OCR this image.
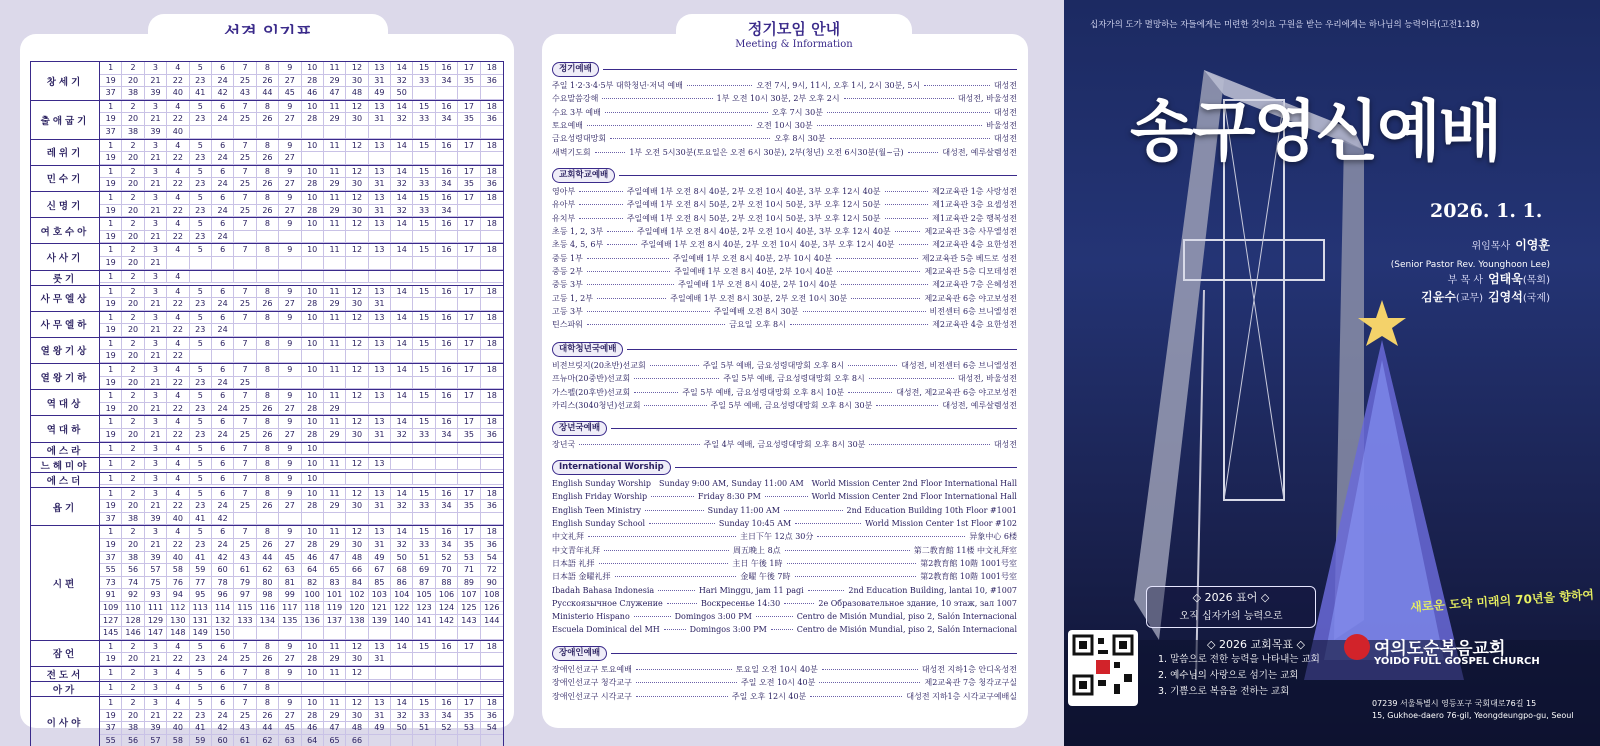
창세기
1	2	3	4	5	6	7	8	9	10	11	12	13	14	15	16	17	18
19	20	21	22	23	24	25	26	27	28	29	30	31	32	33	34	35	36
37	38	39	40	41	42	43	44	45	46	47	48	49	50
출애굽기
1	2	3	4	5	6	7	8	9	10	11	12	13	14	15	16	17	18
19	20	21	22	23	24	25	26	27	28	29	30	31	32	33	34	35	36
37	38	39	40
레위기
1	2	3	4	5	6	7	8	9	10	11	12	13	14	15	16	17	18
19	20	21	22	23	24	25	26	27
민수기
1	2	3	4	5	6	7	8	9	10	11	12	13	14	15	16	17	18
19	20	21	22	23	24	25	26	27	28	29	30	31	32	33	34	35	36
신명기
1	2	3	4	5	6	7	8	9	10	11	12	13	14	15	16	17	18
19	20	21	22	23	24	25	26	27	28	29	30	31	32	33	34
여호수아
1	2	3	4	5	6	7	8	9	10	11	12	13	14	15	16	17	18
19	20	21	22	23	24
사사기
1	2	3	4	5	6	7	8	9	10	11	12	13	14	15	16	17	18
19	20	21
룻기	1	2	3	4
사무엘상
1	2	3	4	5	6	7	8	9	10	11	12	13	14	15	16	17	18
19	20	21	22	23	24	25	26	27	28	29	30	31
사무엘하
1	2	3	4	5	6	7	8	9	10	11	12	13	14	15	16	17	18
19	20	21	22	23	24
열왕기상
1	2	3	4	5	6	7	8	9	10	11	12	13	14	15	16	17	18
19	20	21	22
열왕기하
1	2	3	4	5	6	7	8	9	10	11	12	13	14	15	16	17	18
19	20	21	22	23	24	25
역대상
1	2	3	4	5	6	7	8	9	10	11	12	13	14	15	16	17	18
19	20	21	22	23	24	25	26	27	28	29
역대하
1	2	3	4	5	6	7	8	9	10	11	12	13	14	15	16	17	18
19	20	21	22	23	24	25	26	27	28	29	30	31	32	33	34	35	36
에스라	1	2	3	4	5	6	7	8	9	10
느헤미야	1	2	3	4	5	6	7	8	9	10	11	12	13
에스더	1	2	3	4	5	6	7	8	9	10
욥기
1	2	3	4	5	6	7	8	9	10	11	12	13	14	15	16	17	18
19	20	21	22	23	24	25	26	27	28	29	30	31	32	33	34	35	36
37	38	39	40	41	42
시편
1	2	3	4	5	6	7	8	9	10	11	12	13	14	15	16	17	18
19	20	21	22	23	24	25	26	27	28	29	30	31	32	33	34	35	36
37	38	39	40	41	42	43	44	45	46	47	48	49	50	51	52	53	54
55	56	57	58	59	60	61	62	63	64	65	66	67	68	69	70	71	72
73	74	75	76	77	78	79	80	81	82	83	84	85	86	87	88	89	90
91	92	93	94	95	96	97	98	99	100 101 102 103 104 105 106 107 108
109 110 111 112 113 114 115 116 117 118 119 120 121 122 123 124 125 126
127 128 129 130 131 132 133 134 135 136 137 138 139 140 141 142 143 144
145 146 147 148 149 150
잠언
1	2	3	4	5	6	7	8	9	10	11	12	13	14	15	16	17	18
19	20	21	22	23	24	25	26	27	28	29	30	31
전도서	1	2	3	4	5	6	7	8	9	10	11	12
아가	1	2	3	4	5	6	7	8
이사야
1	2	3	4	5	6	7	8	9	10	11	12	13	14	15	16	17	18
19	20	21	22	23	24	25	26	27	28	29	30	31	32	33	34	35	36
37	38	39	40	41	42	43	44	45	46	47	48	49	50	51	52	53	54
55	56	57	58	59	60	61	62	63	64	65	66
정기모임 안내
Meeting & Information
정기예배
주일 1·2·3·4·5부 대학청년·저녁 예배	오전 7시, 9시, 11시, 오후 1시, 2시 30분, 5시	대성전
수요말씀강해	1부 오전 10시 30분, 2부 오후 2시	대성전, 바울성전
수요 3부 예배	오후 7시 30분	대성전
토요예배	오전 10시 30분	바울성전
금요성령대망회	오후 8시 30분	대성전
새벽기도회	1부 오전 5시30분(토요일은 오전 6시 30분), 2부(청년) 오전 6시30분(월~금)	대성전, 예루살렘성전
교회학교예배
영아부	주일예배 1부 오전 8시 40분, 2부 오전 10시 40분, 3부 오후 12시 40분	제2교육관 1층 사랑성전
유아부	주일예배 1부 오전 8시 50분, 2부 오전 10시 50분, 3부 오후 12시 50분	제1교육관 3층 요셉성전
유치부	주일예배 1부 오전 8시 50분, 2부 오전 10시 50분, 3부 오후 12시 50분	제1교육관 2층 행복성전
초등 1, 2, 3부	주일예배 1부 오전 8시 40분, 2부 오전 10시 40분, 3부 오후 12시 40분	제2교육관 3층 사무엘성전
초등 4, 5, 6부	주일예배 1부 오전 8시 40분, 2부 오전 10시 40분, 3부 오후 12시 40분	제2교육관 4층 요한성전
중등 1부	주일예배 1부 오전 8시 40분, 2부 10시 40분	제2교육관 5층 베드로 성전
중등 2부	주일예배 1부 오전 8시 40분, 2부 10시 40분	제2교육관 5층 디모데성전
중등 3부	주일예배 1부 오전 8시 40분, 2부 10시 40분	제2교육관 7층 은혜성전
고등 1, 2부	주일예배 1부 오전 8시 30분, 2부 오전 10시 30분	제2교육관 6층 야고보성전
고등 3부	주일예배 오전 8시 30분	비전센터 6층 브니엘성전
틴스파워	금요일 오후 8시	제2교육관 4층 요한성전
대학청년국예배
비전브릿지(20초반)선교회	주일 5부 예배, 금요성령대망회 오후 8시	대성전, 비전센터 6층 브니엘성전
프뉴마(20중반)선교회	주일 5부 예배, 금요성령대망회 오후 8시	대성전, 바울성전
가스펠(20후반)선교회	주일 5부 예배, 금요성령대망회 오후 8시 10분	대성전, 제2교육관 6층 야고보성전
카리스(3040청년)선교회	주일 5부 예배, 금요성령대망회 오후 8시 30분	대성전, 예루살렘성전
장년국예배
장년국	주일 4부 예배, 금요성령대망회 오후 8시 30분	대성전
International Worship
English Sunday Worship Sunday 9:00 AM, Sunday 11:00 AM World Mission Center 2nd Floor International Hall
English Friday Worship	Friday 8:30 PM	World Mission Center 2nd Floor International Hall
English Teen Ministry	Sunday 11:00 AM	2nd Education Building 10th Floor #1001
English Sunday School	Sunday 10:45 AM	World Mission Center 1st Floor #102
中文礼拜	主日下午 12点 30分	异象中心 6楼
中文青年礼拜	周五晚上 8点	第二教育館 11楼 中文礼拜室
日本語 礼拝	主日 午後 1時	第2教育館 10階 1001号室
日本語 金曜礼拝	金曜 午後 7時	第2教育館 10階 1001号室
Ibadah Bahasa Indonesia	Hari Minggu, jam 11 pagi	2nd Education Building, lantai 10, #1007
Русскоязычное Служение	Воскресенье 14:30	2е Образовательное здание, 10 этаж, зал 1007
Ministerio Hispano	Domingos 3:00 PM	Centro de Misión Mundial, piso 2, Salón Internacional
Escuela Dominical del MH	Domingos 3:00 PM	Centro de Misión Mundial, piso 2, Salón Internacional
장애인예배
장애인선교구 토요예배	토요일 오전 10시 40분	대성전 지하1층 안디옥성전
장애인선교구 청각교구	주일 오전 10시 40분	제2교육관 7층 청각교구실
장애인선교구 시각교구	주일 오후 12시 40분	대성전 지하1층 시각교구예배실
십자가의 도가 멸망하는 자들에게는 미련한 것이요 구원을 받는 우리에게는 하나님의 능력이라(고전1:18)
송구영신예배
2026. 1. 1.
위임목사 이영훈
(Senior Pastor Rev. Younghoon Lee)
부 목 사 엄태욱(목회)
김윤수(교무) 김영석(국제)
새로운 도약 미래의 70년을 향하여
◇ 2026 표어 ◇
오직 십자가의 능력으로
◇ 2026 교회목표 ◇
1. 말씀으로 전한 능력을 나타내는 교회
2. 예수님의 사랑으로 섬기는 교회
3. 기쁨으로 복음을 전하는 교회
여의도순복음교회
YOIDO FULL GOSPEL CHURCH
07239 서울특별시 영등포구 국회대로76길 15
15, Gukhoe-daero 76-gil, Yeongdeungpo-gu, Seoul
